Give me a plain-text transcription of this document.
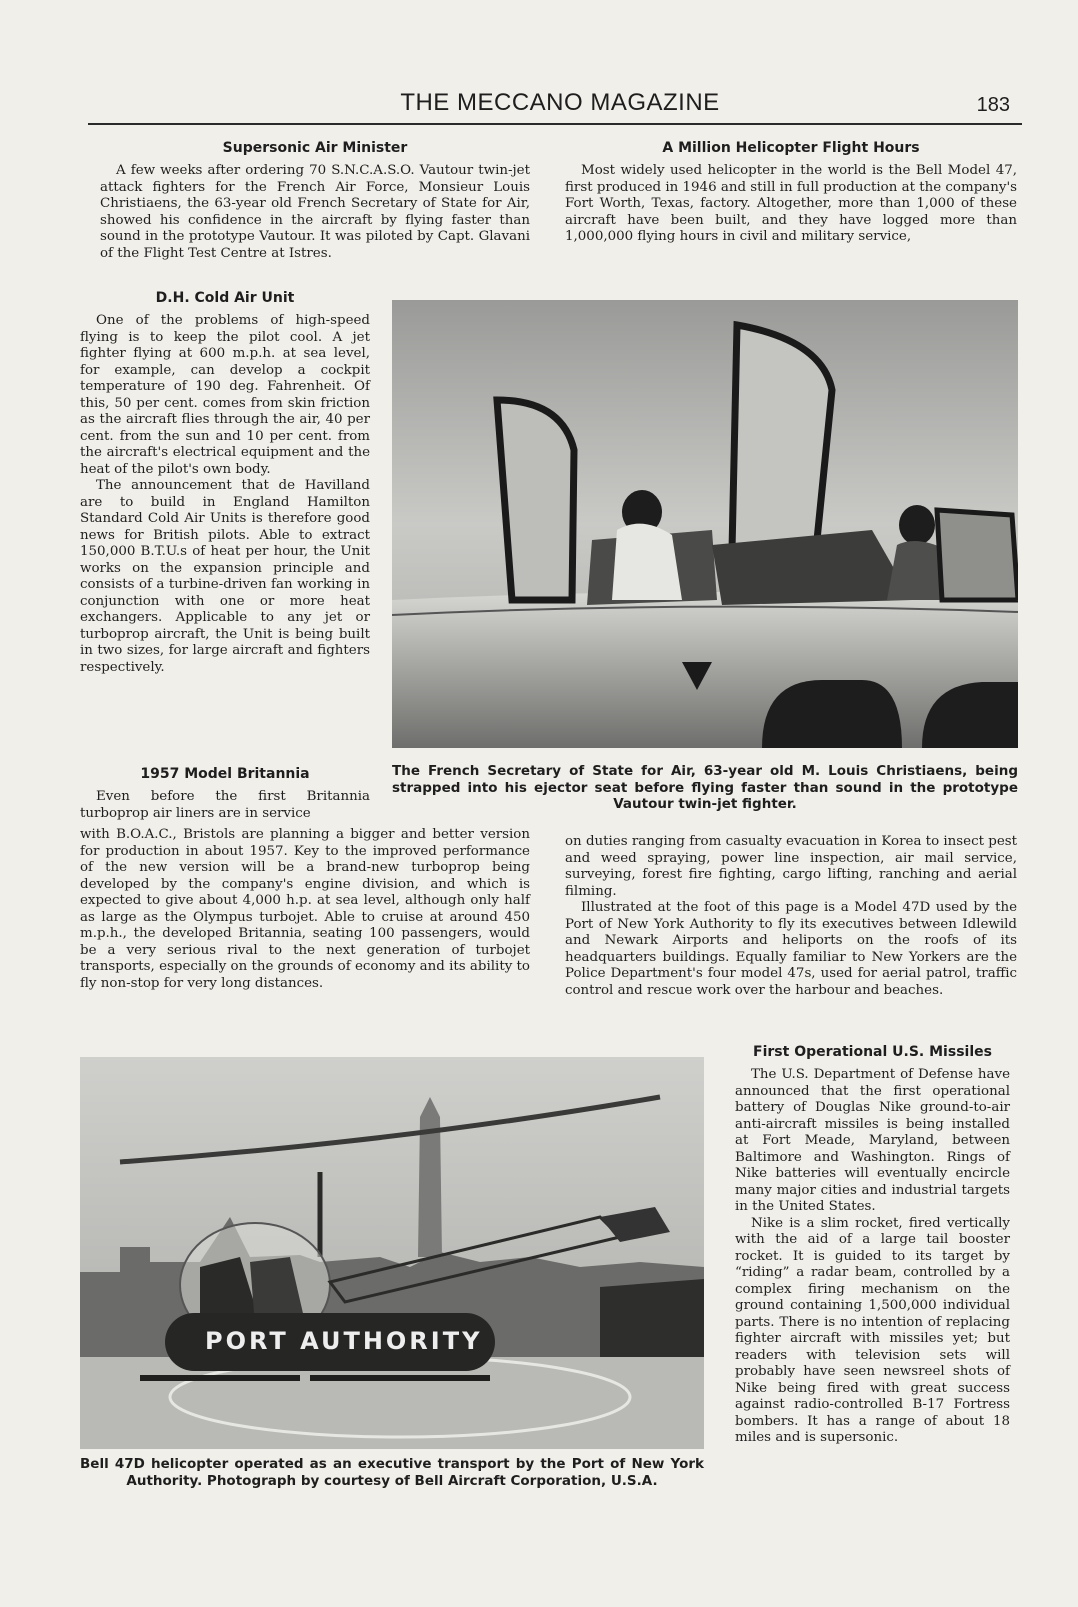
THE MECCANO MAGAZINE	183
Supersonic Air Minister

A few weeks after ordering 70 S.N.C.A.S.O. Vautour twin-jet attack fighters for the French Air Force, Monsieur Louis Christiaens, the 63-year old French Secretary of State for Air, showed his confidence in the aircraft by flying faster than sound in the prototype Vautour. It was piloted by Capt. Glavani of the Flight Test Centre at Istres.

D.H. Cold Air Unit

One of the problems of high-speed flying is to keep the pilot cool. A jet fighter flying at 600 m.p.h. at sea level, for example, can develop a cockpit temperature of 190 deg. Fahrenheit. Of this, 50 per cent. comes from skin friction as the aircraft flies through the air, 40 per cent. from the sun and 10 per cent. from the aircraft's electrical equipment and the heat of the pilot's own body.

The announcement that de Havilland are to build in England Hamilton Standard Cold Air Units is therefore good news for British pilots. Able to extract 150,000 B.T.U.s of heat per hour, the Unit works on the expansion principle and consists of a turbine-driven fan working in conjunction with one or more heat exchangers. Applicable to any jet or turboprop aircraft, the Unit is being built in two sizes, for large aircraft and fighters respectively.

1957 Model Britannia

Even before the first Britannia turboprop air liners are in service

with B.O.A.C., Bristols are planning a bigger and better version for production in about 1957. Key to the improved performance of the new version will be a brand-new turboprop being developed by the company's engine division, and which is expected to give about 4,000 h.p. at sea level, although only half as large as the Olympus turbojet. Able to cruise at around 450 m.p.h., the developed Britannia, seating 100 passengers, would be a very serious rival to the next generation of turbojet transports, especially on the grounds of economy and its ability to fly non-stop for very long distances.

A Million Helicopter Flight Hours

Most widely used helicopter in the world is the Bell Model 47, first produced in 1946 and still in full production at the company's Fort Worth, Texas, factory. Altogether, more than 1,000 of these aircraft have been built, and they have logged more than 1,000,000 flying hours in civil and military service,

The French Secretary of State for Air, 63-year old M. Louis Christiaens, being strapped into his ejector seat before flying faster than sound in the prototype Vautour twin-jet fighter.

on duties ranging from casualty evacuation in Korea to insect pest and weed spraying, power line inspection, air mail service, surveying, forest fire fighting, cargo lifting, ranching and aerial filming.

Illustrated at the foot of this page is a Model 47D used by the Port of New York Authority to fly its executives between Idlewild and Newark Airports and heliports on the roofs of its headquarters buildings. Equally familiar to New Yorkers are the Police Department's four model 47s, used for aerial patrol, traffic control and rescue work over the harbour and beaches.

PORT AUTHORITY
Bell 47D helicopter operated as an executive transport by the Port of New York Authority. Photograph by courtesy of Bell Aircraft Corporation, U.S.A.
First Operational U.S. Missiles

The U.S. Department of Defense have announced that the first operational battery of Douglas Nike ground-to-air anti-aircraft missiles is being installed at Fort Meade, Maryland, between Baltimore and Washington. Rings of Nike batteries will eventually encircle many major cities and industrial targets in the United States.

Nike is a slim rocket, fired vertically with the aid of a large tail booster rocket. It is guided to its target by “riding” a radar beam, controlled by a complex firing mechanism on the ground containing 1,500,000 individual parts. There is no intention of replacing fighter aircraft with missiles yet; but readers with television sets will probably have seen newsreel shots of Nike being fired with great success against radio-controlled B-17 Fortress bombers. It has a range of about 18 miles and is supersonic.
